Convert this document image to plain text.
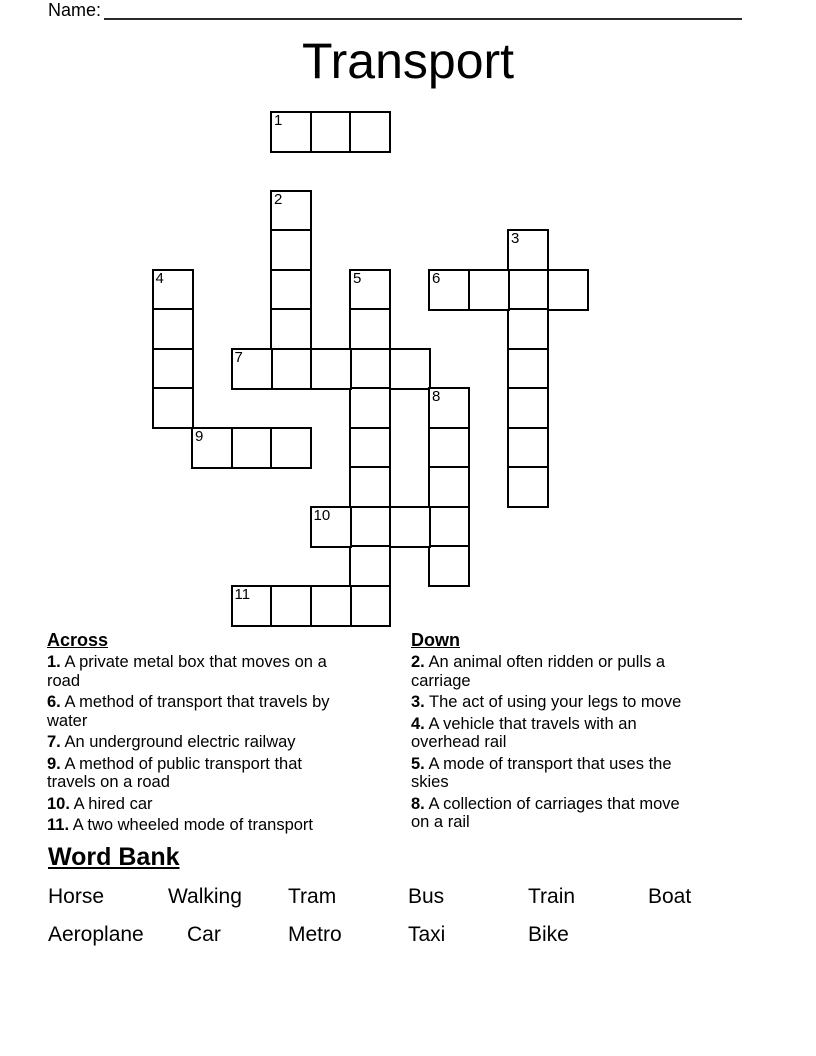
Name:
Transport
1
2
3
4	5	6
7
8
9
10
11
Across

1. A private metal box that moves on a
road

6. A method of transport that travels by
water

7. An underground electric railway

9. A method of public transport that
travels on a road

10. A hired car

11. A two wheeled mode of transport

Down

2. An animal often ridden or pulls a
carriage

3. The act of using your legs to move

4. A vehicle that travels with an
overhead rail

5. A mode of transport that uses the
skies

8. A collection of carriages that move
on a rail

Word Bank
Horse	Walking Tram	Bus	Train	Boat
Aeroplane Car	Metro	Taxi	Bike
